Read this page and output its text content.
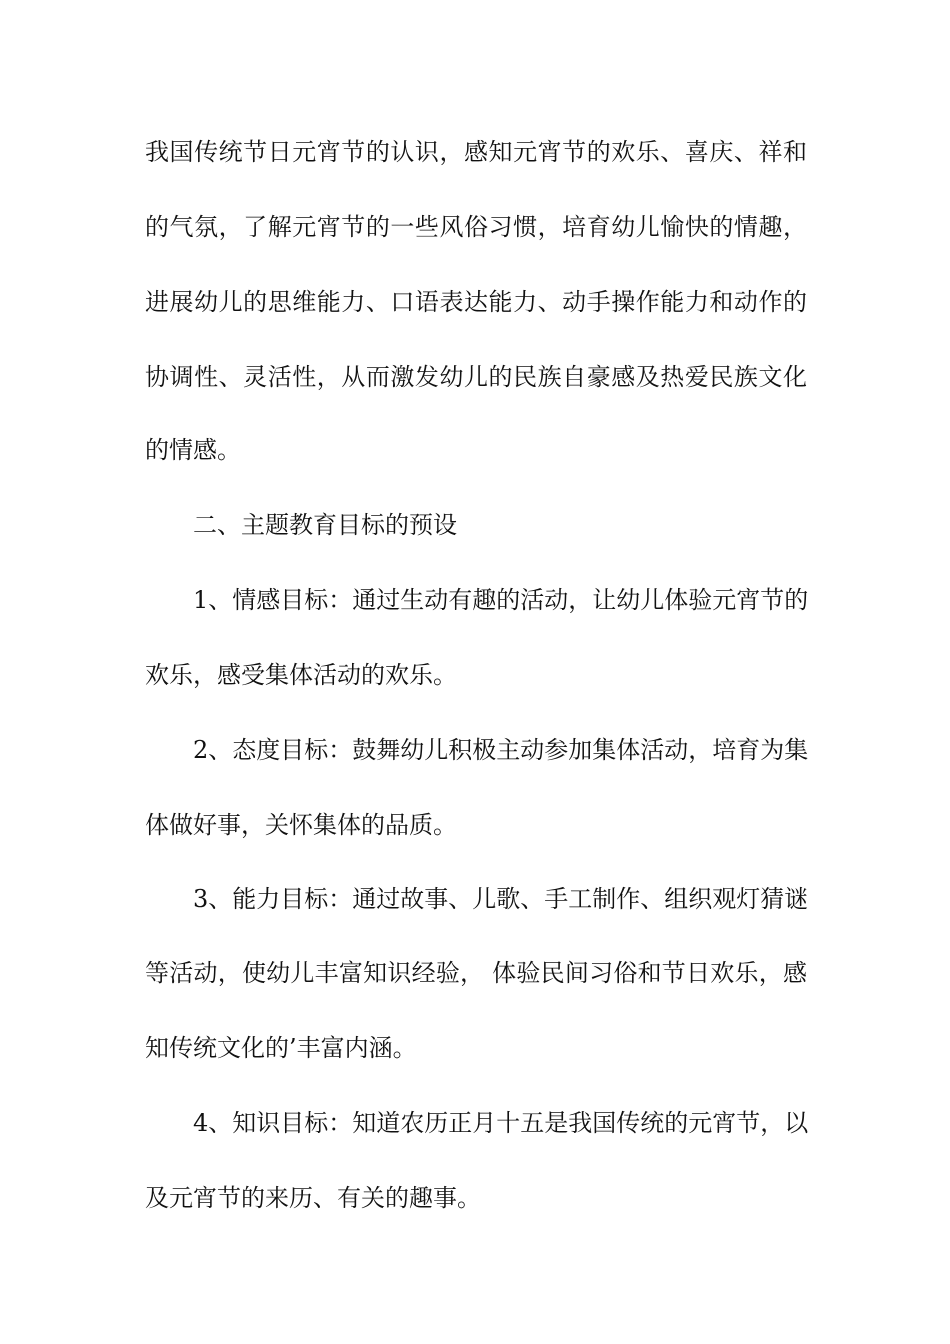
我国传统节日元宵节的认识，感知元宵节的欢乐、喜庆、祥和

的气氛，了解元宵节的一些风俗习惯，培育幼儿愉快的情趣，

进展幼儿的思维能力、口语表达能力、动手操作能力和动作的

协调性、灵活性，从而激发幼儿的民族自豪感及热爱民族文化

的情感。

二、主题教育目标的预设

1、情感目标：通过生动有趣的活动，让幼儿体验元宵节的

欢乐，感受集体活动的欢乐。

2、态度目标：鼓舞幼儿积极主动参加集体活动，培育为集

体做好事，关怀集体的品质。

3、能力目标：通过故事、儿歌、手工制作、组织观灯猜谜

等活动，使幼儿丰富知识经验， 体验民间习俗和节日欢乐，感

知传统文化的’丰富内涵。

4、知识目标：知道农历正月十五是我国传统的元宵节，以

及元宵节的来历、有关的趣事。
